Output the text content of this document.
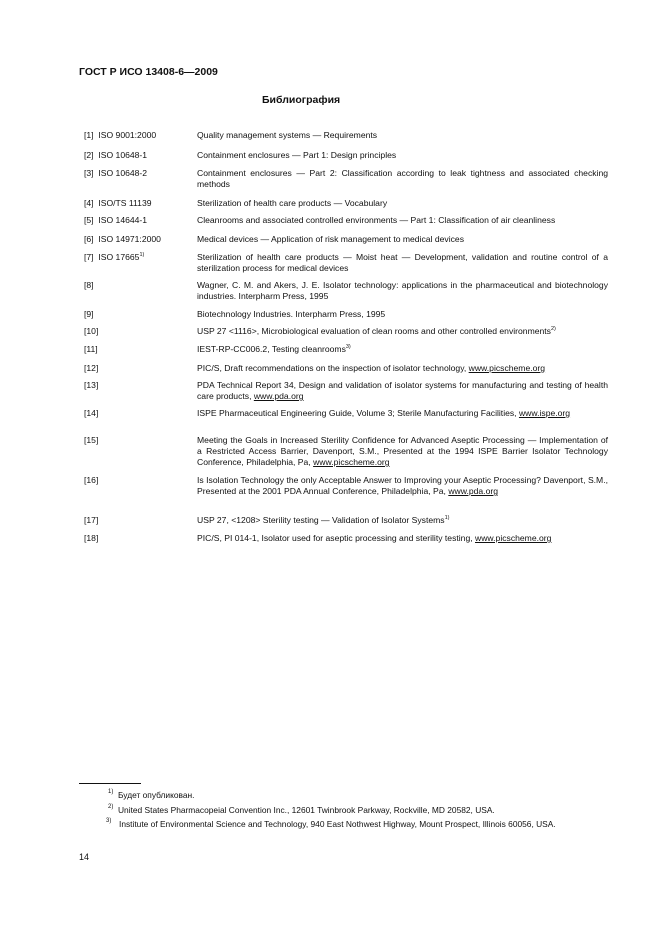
ГОСТ Р ИСО 13408-6—2009
Библиография
[1] ISO 9001:2000	Quality management systems — Requirements
[2] ISO 10648-1	Containment enclosures — Part 1: Design principles
[3] ISO 10648-2	Containment enclosures — Part 2: Classification according to leak tightness and associated checking methods
[4] ISO/TS 11139	Sterilization of health care products — Vocabulary
[5] ISO 14644-1	Cleanrooms and associated controlled environments — Part 1: Classification of air cleanliness
[6] ISO 14971:2000	Medical devices — Application of risk management to medical devices
[7] ISO 17665$^{1)}$	Sterilization of health care products — Moist heat — Development, validation and routine control of a sterilization process for medical devices
[8]	Wagner, C. M. and Akers, J. E. Isolator technology: applications in the pharmaceutical and biotechnology industries. Interpharm Press, 1995
[9]	Biotechnology Industries. Interpharm Press, 1995
[10]	USP 27 <1116>, Microbiological evaluation of clean rooms and other controlled environments$^{2)}$
[11]	IEST-RP-CC006.2, Testing cleanrooms$^{3)}$
[12]	PIC/S, Draft recommendations on the inspection of isolator technology, www.picscheme.org
[13]	PDA Technical Report 34, Design and validation of isolator systems for manufacturing and testing of health care products, www.pda.org
[14]	ISPE Pharmaceutical Engineering Guide, Volume 3; Sterile Manufacturing Facilities, www.ispe.org
[15]	Meeting the Goals in Increased Sterility Confidence for Advanced Aseptic Processing — Implementation of a Restricted Access Barrier, Davenport, S.M., Presented at the 1994 ISPE Barrier Isolator Technology Conference, Philadelphia, Pa, www.picscheme.org
[16]	Is Isolation Technology the only Acceptable Answer to Improving your Aseptic Processing? Davenport, S.M., Presented at the 2001 PDA Annual Conference, Philadelphia, Pa, www.pda.org
[17]	USP 27, <1208> Sterility testing — Validation of Isolator Systems$^{1)}$
[18]	PIC/S, PI 014-1, Isolator used for aseptic processing and sterility testing, www.picscheme.org
1) Будет опубликован.
2) United States Pharmacopeial Convention Inc., 12601 Twinbrook Parkway, Rockville, MD 20582, USA.
3) Institute of Environmental Science and Technology, 940 East Nothwest Highway, Mount Prospect, Illinois 60056, USA.
14
